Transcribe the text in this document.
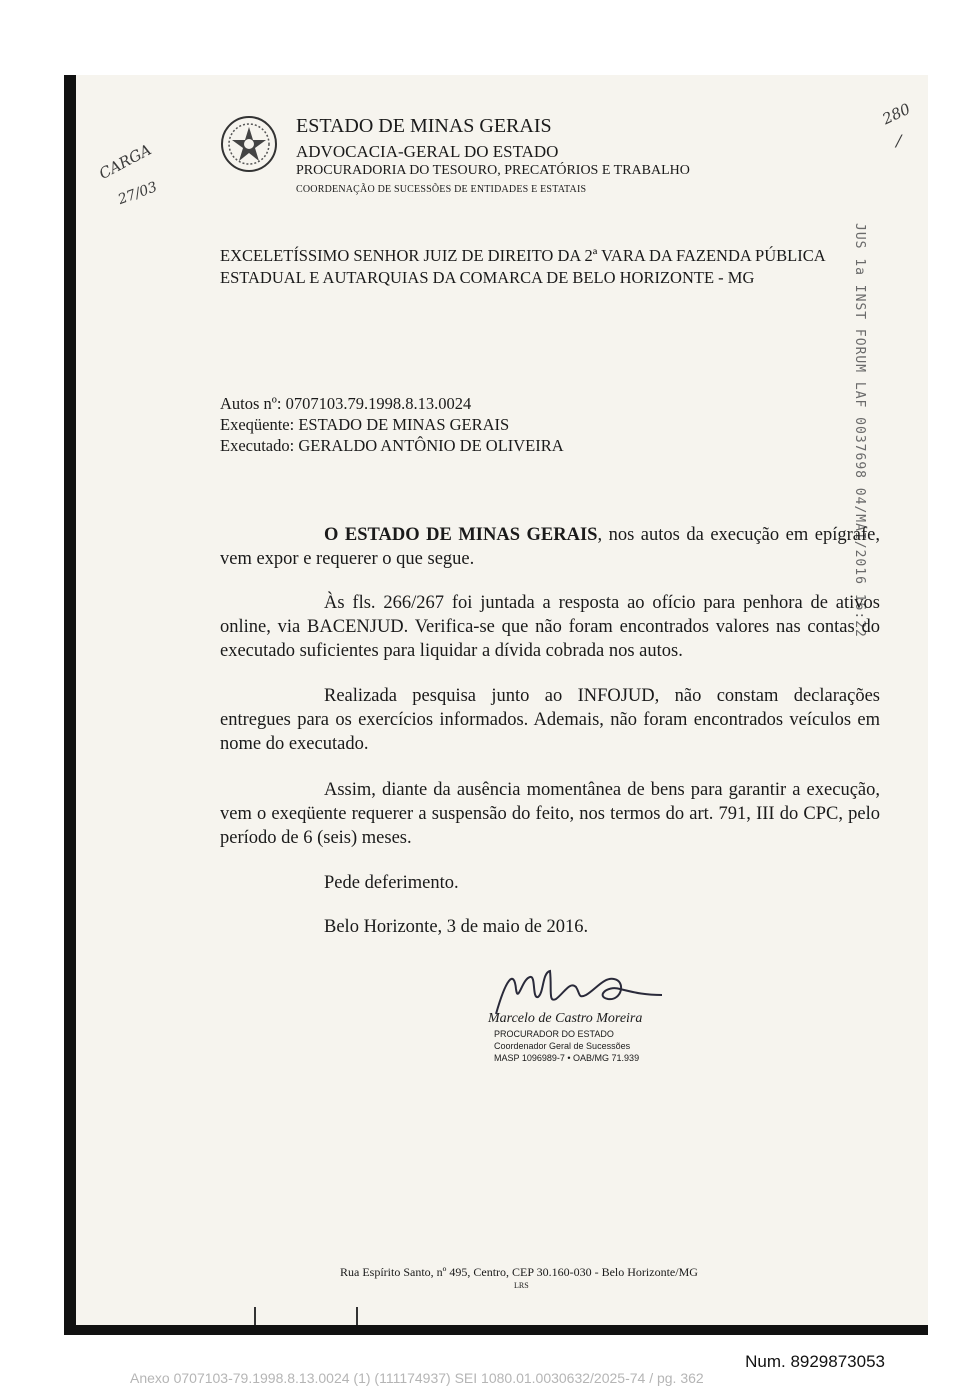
ESTADO DE MINAS GERAIS
ADVOCACIA-GERAL DO ESTADO
PROCURADORIA DO TESOURO, PRECATÓRIOS E TRABALHO
COORDENAÇÃO DE SUCESSÕES DE ENTIDADES E ESTATAIS
CARGA
27/03
280
/
JUS 1a INST FORUM LAF 0037698 04/MAI/2016 16:22
EXCELETÍSSIMO SENHOR JUIZ DE DIREITO DA 2ª VARA DA FAZENDA PÚBLICA
ESTADUAL E AUTARQUIAS DA COMARCA DE BELO HORIZONTE - MG
Autos nº: 0707103.79.1998.8.13.0024
Exeqüente: ESTADO DE MINAS GERAIS
Executado: GERALDO ANTÔNIO DE OLIVEIRA
O ESTADO DE MINAS GERAIS, nos autos da execução em epígrafe, vem expor e requerer o que segue.
Às fls. 266/267 foi juntada a resposta ao ofício para penhora de ativos online, via BACENJUD. Verifica-se que não foram encontrados valores nas contas do executado suficientes para liquidar a dívida cobrada nos autos.
Realizada pesquisa junto ao INFOJUD, não constam declarações entregues para os exercícios informados. Ademais, não foram encontrados veículos em nome do executado.
Assim, diante da ausência momentânea de bens para garantir a execução, vem o exeqüente requerer a suspensão do feito, nos termos do art. 791, III do CPC, pelo período de 6 (seis) meses.
Pede deferimento.
Belo Horizonte, 3 de maio de 2016.
Marcelo de Castro Moreira
PROCURADOR DO ESTADO
Coordenador Geral de Sucessões
MASP 1096989-7 • OAB/MG 71.939
Rua Espírito Santo, nº 495, Centro, CEP 30.160-030 - Belo Horizonte/MG
LRS
Num. 8929873053
Anexo 0707103-79.1998.8.13.0024 (1) (111174937) SEI 1080.01.0030632/2025-74 / pg. 362
